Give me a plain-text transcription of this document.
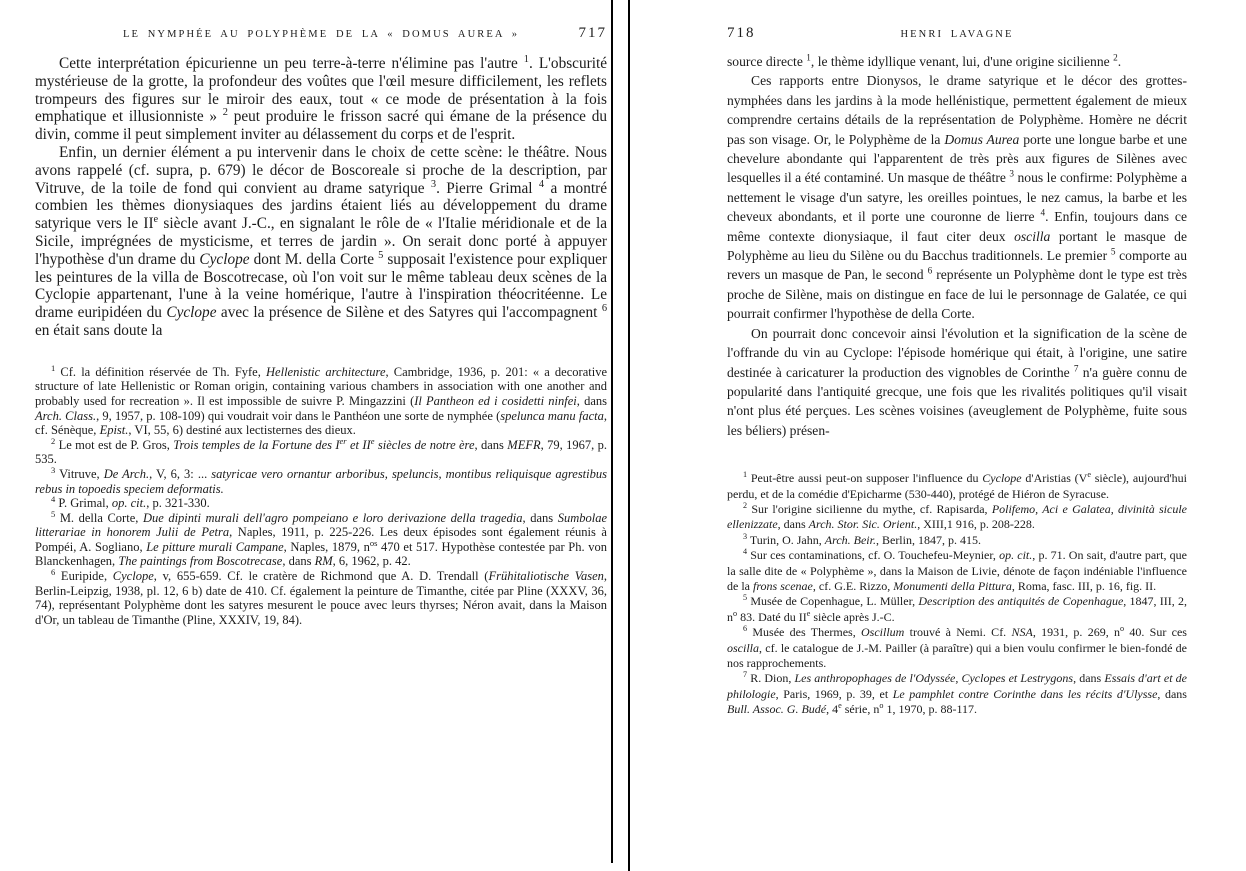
LE NYMPHÉE AU POLYPHÈME DE LA « DOMUS AUREA »	717

Cette interprétation épicurienne un peu terre-à-terre n'élimine pas l'autre $^1$. L'obscurité mystérieuse de la grotte, la profondeur des voûtes que l'œil mesure difficilement, les reflets trompeurs des figures sur le miroir des eaux, tout « ce mode de présentation à la fois emphatique et illusionniste » $^2$ peut produire le frisson sacré qui émane de la présence du divin, comme il peut simplement inviter au délassement du corps et de l'esprit.

Enfin, un dernier élément a pu intervenir dans le choix de cette scène: le théâtre. Nous avons rappelé (cf. supra, p. 679) le décor de Boscoreale si proche de la description, par Vitruve, de la toile de fond qui convient au drame satyrique $^3$. Pierre Grimal $^4$ a montré combien les thèmes dionysiaques des jardins étaient liés au développement du drame satyrique vers le IIe siècle avant J.-C., en signalant le rôle de « l'Italie méridionale et de la Sicile, imprégnées de mysticisme, et terres de jardin ». On serait donc porté à appuyer l'hypothèse d'un drame du Cyclope dont M. della Corte $^5$ supposait l'existence pour expliquer les peintures de la villa de Boscotrecase, où l'on voit sur le même tableau deux scènes de la Cyclopie appartenant, l'une à la veine homérique, l'autre à l'inspiration théocritéenne. Le drame euripidéen du Cyclope avec la présence de Silène et des Satyres qui l'accompagnent $^6$ en était sans doute la

$^1$ Cf. la définition réservée de Th. Fyfe, Hellenistic architecture, Cambridge, 1936, p. 201: « a decorative structure of late Hellenistic or Roman origin, containing various chambers in association with one another and probably used for recreation ». Il est impossible de suivre P. Mingazzini (Il Pantheon ed i cosidetti ninfei, dans Arch. Class., 9, 1957, p. 108-109) qui voudrait voir dans le Panthéon une sorte de nymphée (spelunca manu facta, cf. Sénèque, Epist., VI, 55, 6) destiné aux lectisternes des dieux.

$^2$ Le mot est de P. Gros, Trois temples de la Fortune des Ier et IIe siècles de notre ère, dans MEFR, 79, 1967, p. 535.

$^3$ Vitruve, De Arch., V, 6, 3: ... satyricae vero ornantur arboribus, speluncis, montibus reliquisque agrestibus rebus in topoedis speciem deformatis.

$^4$ P. Grimal, op. cit., p. 321-330.

$^5$ M. della Corte, Due dipinti murali dell'agro pompeiano e loro derivazione della tragedia, dans Sumbolae litterariae in honorem Julii de Petra, Naples, 1911, p. 225-226. Les deux épisodes sont également réunis à Pompéi, A. Sogliano, Le pitture murali Campane, Naples, 1879, $n^{os}$ 470 et 517. Hypothèse contestée par Ph. von Blanckenhagen, The paintings from Boscotrecase, dans RM, 6, 1962, p. 42.

$^6$ Euripide, Cyclope, v, 655-659. Cf. le cratère de Richmond que A. D. Trendall (Frühitaliotische Vasen, Berlin-Leipzig, 1938, pl. 12, 6 b) date de 410. Cf. également la peinture de Timanthe, citée par Pline (XXXV, 36, 74), représentant Polyphème dont les satyres mesurent le pouce avec leurs thyrses; Néron avait, dans la Maison d'Or, un tableau de Timanthe (Pline, XXXIV, 19, 84).

718	HENRI LAVAGNE

source directe $^1$, le thème idyllique venant, lui, d'une origine sicilienne $^2$.

Ces rapports entre Dionysos, le drame satyrique et le décor des grottes-nymphées dans les jardins à la mode hellénistique, permettent également de mieux comprendre certains détails de la représentation de Polyphème. Homère ne décrit pas son visage. Or, le Polyphème de la Domus Aurea porte une longue barbe et une chevelure abondante qui l'apparentent de très près aux figures de Silènes avec lesquelles il a été contaminé. Un masque de théâtre $^3$ nous le confirme: Polyphème a nettement le visage d'un satyre, les oreilles pointues, le nez camus, la barbe et les cheveux abondants, et il porte une couronne de lierre $^4$. Enfin, toujours dans ce même contexte dionysiaque, il faut citer deux oscilla portant le masque de Polyphème au lieu du Silène ou du Bacchus traditionnels. Le premier $^5$ comporte au revers un masque de Pan, le second $^6$ représente un Polyphème dont le type est très proche de Silène, mais on distingue en face de lui le personnage de Galatée, ce qui pourrait confirmer l'hypothèse de della Corte.

On pourrait donc concevoir ainsi l'évolution et la signification de la scène de l'offrande du vin au Cyclope: l'épisode homérique qui était, à l'origine, une satire destinée à caricaturer la production des vignobles de Corinthe $^7$ n'a guère connu de popularité dans l'antiquité grecque, une fois que les rivalités politiques qu'il visait n'ont plus été perçues. Les scènes voisines (aveuglement de Polyphème, fuite sous les béliers) présen-

$^1$ Peut-être aussi peut-on supposer l'influence du Cyclope d'Aristias (Ve siècle), aujourd'hui perdu, et de la comédie d'Epicharme (530-440), protégé de Hiéron de Syracuse.

$^2$ Sur l'origine sicilienne du mythe, cf. Rapisarda, Polifemo, Aci e Galatea, divinità sicule ellenizzate, dans Arch. Stor. Sic. Orient., XIII,1 916, p. 208-228.

$^3$ Turin, O. Jahn, Arch. Beir., Berlin, 1847, p. 415.

$^4$ Sur ces contaminations, cf. O. Touchefeu-Meynier, op. cit., p. 71. On sait, d'autre part, que la salle dite de « Polyphème », dans la Maison de Livie, dénote de façon indéniable l'influence de la frons scenae, cf. G.E. Rizzo, Monumenti della Pittura, Roma, fasc. III, p. 16, fig. II.

$^5$ Musée de Copenhague, L. Müller, Description des antiquités de Copenhague, 1847, III, 2, $n^o$ 83. Daté du IIe siècle après J.-C.

$^6$ Musée des Thermes, Oscillum trouvé à Nemi. Cf. NSA, 1931, p. 269, $n^o$ 40. Sur ces oscilla, cf. le catalogue de J.-M. Pailler (à paraître) qui a bien voulu confirmer le bien-fondé de nos rapprochements.

$^7$ R. Dion, Les anthropophages de l'Odyssée, Cyclopes et Lestrygons, dans Essais d'art et de philologie, Paris, 1969, p. 39, et Le pamphlet contre Corinthe dans les récits d'Ulysse, dans Bull. Assoc. G. Budé, 4e série, $n^o$ 1, 1970, p. 88-117.
